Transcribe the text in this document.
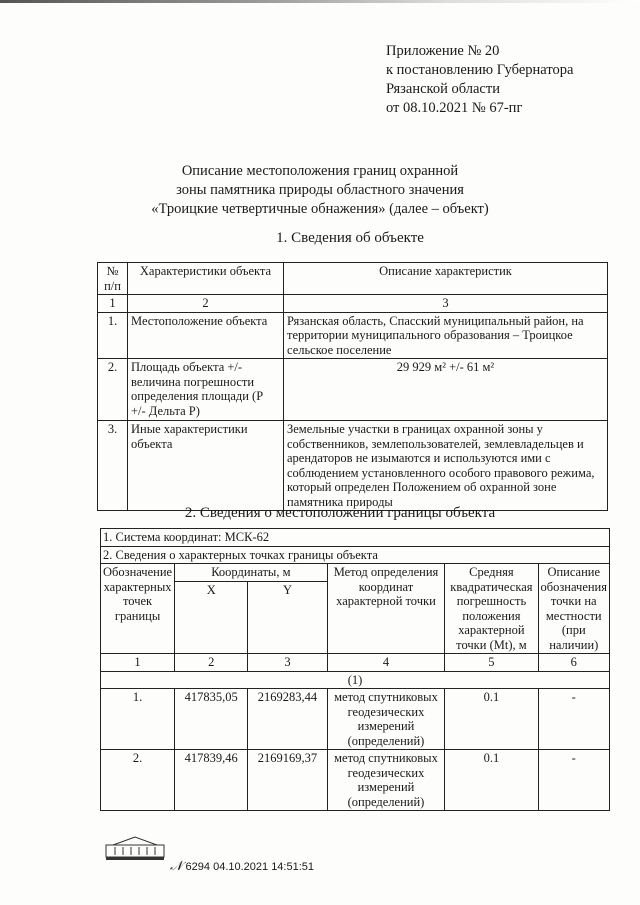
Приложение № 20
к постановлению Губернатора
Рязанской области
от 08.10.2021 № 67-пг
Описание местоположения границ охранной
зоны памятника природы областного значения
«Троицкие четвертичные обнажения» (далее – объект)
1. Сведения об объекте
№ п/п	Характеристики объекта	Описание характеристик
1	2	3
1.	Местоположение объекта	Рязанская область, Спасский муниципальный район, на территории муниципального образования – Троицкое сельское поселение
2.	Площадь объекта +/- величина погрешности определения площади (P +/- Дельта P)	29 929 м² +/- 61 м²
3.	Иные характеристики объекта	Земельные участки в границах охранной зоны у собственников, землепользователей, землевладельцев и арендаторов не изымаются и используются ими с соблюдением установленного особого правового режима, который определен Положением об охранной зоне памятника природы
2. Сведения о местоположении границы объекта
1. Система координат: МСК-62					
2. Сведения о характерных точках границы объекта					
Обозначение характерных точек границы	Координаты, м		Метод определения координат характерной точки	Средняя квадратическая погрешность положения характерной точки (Mt), м	Описание обозначения точки на местности (при наличии)
	X	Y			
1	2	3	4	5	6
(1)					
1.	417835,05	2169283,44	метод спутниковых геодезических измерений (определений)	0.1	-
2.	417839,46	2169169,37	метод спутниковых геодезических измерений (определений)	0.1	-
𝒩 6294 04.10.2021 14:51:51
